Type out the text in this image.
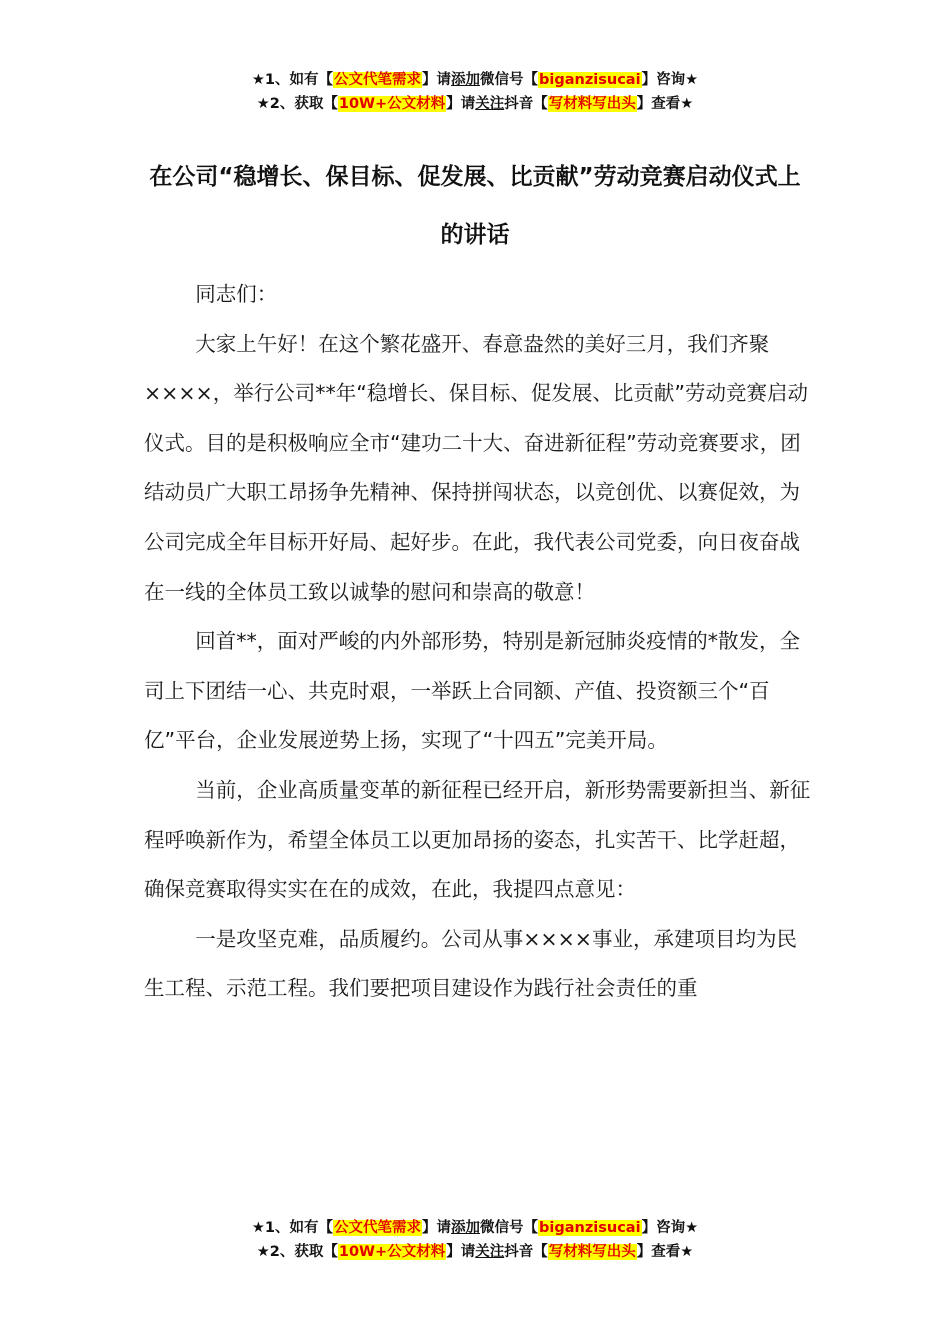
★1、如有【公文代笔需求】请添加微信号【biganzisucai】咨询★
★2、获取【10W+公文材料】请关注抖音【写材料写出头】查看★
在公司“稳增长、保目标、促发展、比贡献”劳动竞赛启动仪式上的讲话

同志们：

大家上午好！在这个繁花盛开、春意盎然的美好三月，我们齐聚××××，举行公司**年“稳增长、保目标、促发展、比贡献”劳动竞赛启动仪式。目的是积极响应全市“建功二十大、奋进新征程”劳动竞赛要求，团结动员广大职工昂扬争先精神、保持拼闯状态，以竞创优、以赛促效，为公司完成全年目标开好局、起好步。在此，我代表公司党委，向日夜奋战在一线的全体员工致以诚挚的慰问和崇高的敬意！

回首**，面对严峻的内外部形势，特别是新冠肺炎疫情的*散发，全司上下团结一心、共克时艰，一举跃上合同额、产值、投资额三个“百亿”平台，企业发展逆势上扬，实现了“十四五”完美开局。

当前，企业高质量变革的新征程已经开启，新形势需要新担当、新征程呼唤新作为，希望全体员工以更加昂扬的姿态，扎实苦干、比学赶超，确保竞赛取得实实在在的成效，在此，我提四点意见：

一是攻坚克难，品质履约。公司从事××××事业，承建项目均为民生工程、示范工程。我们要把项目建设作为践行社会责任的重

★1、如有【公文代笔需求】请添加微信号【biganzisucai】咨询★
★2、获取【10W+公文材料】请关注抖音【写材料写出头】查看★
